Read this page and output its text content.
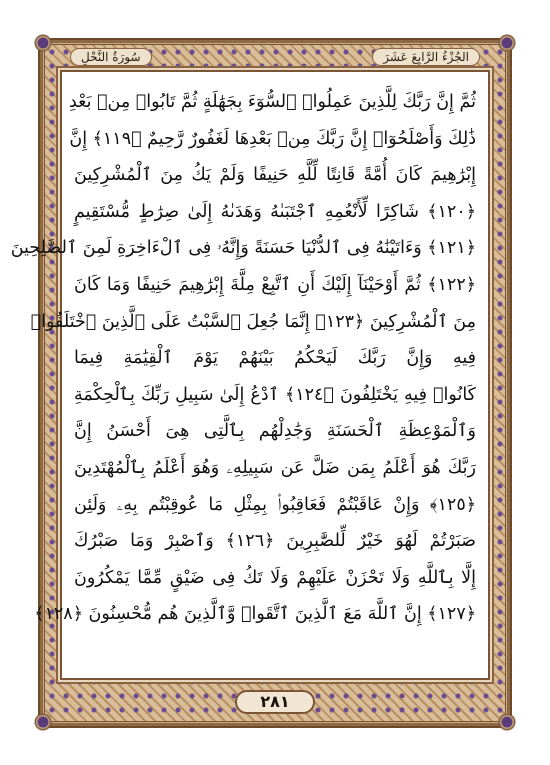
سُورَةُ النَّحْلِ	الجُزْءُ الرَّابِعَ عَشَرَ
ثُمَّ إِنَّ رَبَّكَ لِلَّذِينَ عَمِلُوا۟ ٱلسُّوٓءَ بِجَهَٰلَةٍ ثُمَّ تَابُوا۟ مِنۢ بَعْدِ
ذَٰلِكَ وَأَصْلَحُوٓا۟ إِنَّ رَبَّكَ مِنۢ بَعْدِهَا لَغَفُورٌ رَّحِيمٌ ﴿١١٩﴾ إِنَّ
إِبْرَٰهِيمَ كَانَ أُمَّةً قَانِتًا لِّلَّهِ حَنِيفًا وَلَمْ يَكُ مِنَ ٱلْمُشْرِكِينَ
﴿١٢٠﴾ شَاكِرًا لِّأَنْعُمِهِ ٱجْتَبَىٰهُ وَهَدَىٰهُ إِلَىٰ صِرَٰطٍ مُّسْتَقِيمٍ
﴿١٢١﴾ وَءَاتَيْنَٰهُ فِى ٱلدُّنْيَا حَسَنَةً وَإِنَّهُۥ فِى ٱلْءَاخِرَةِ لَمِنَ ٱلصَّٰلِحِينَ
﴿١٢٢﴾ ثُمَّ أَوْحَيْنَآ إِلَيْكَ أَنِ ٱتَّبِعْ مِلَّةَ إِبْرَٰهِيمَ حَنِيفًا وَمَا كَانَ
مِنَ ٱلْمُشْرِكِينَ ﴿١٢٣﴾ إِنَّمَا جُعِلَ ٱلسَّبْتُ عَلَى ٱلَّذِينَ ٱخْتَلَفُوا۟
فِيهِ وَإِنَّ رَبَّكَ لَيَحْكُمُ بَيْنَهُمْ يَوْمَ ٱلْقِيَٰمَةِ فِيمَا
كَانُوا۟ فِيهِ يَخْتَلِفُونَ ﴿١٢٤﴾ ٱدْعُ إِلَىٰ سَبِيلِ رَبِّكَ بِٱلْحِكْمَةِ
وَٱلْمَوْعِظَةِ ٱلْحَسَنَةِ وَجَٰدِلْهُم بِٱلَّتِى هِىَ أَحْسَنُ إِنَّ
رَبَّكَ هُوَ أَعْلَمُ بِمَن ضَلَّ عَن سَبِيلِهِۦ وَهُوَ أَعْلَمُ بِٱلْمُهْتَدِينَ
﴿١٢٥﴾ وَإِنْ عَاقَبْتُمْ فَعَاقِبُوا۟ بِمِثْلِ مَا عُوقِبْتُم بِهِۦ وَلَئِن
صَبَرْتُمْ لَهُوَ خَيْرٌ لِّلصَّٰبِرِينَ ﴿١٢٦﴾ وَٱصْبِرْ وَمَا صَبْرُكَ
إِلَّا بِٱللَّهِ وَلَا تَحْزَنْ عَلَيْهِمْ وَلَا تَكُ فِى ضَيْقٍ مِّمَّا يَمْكُرُونَ
﴿١٢٧﴾ إِنَّ ٱللَّهَ مَعَ ٱلَّذِينَ ٱتَّقَوا۟ وَّٱلَّذِينَ هُم مُّحْسِنُونَ ﴿١٢٨﴾
٢٨١
